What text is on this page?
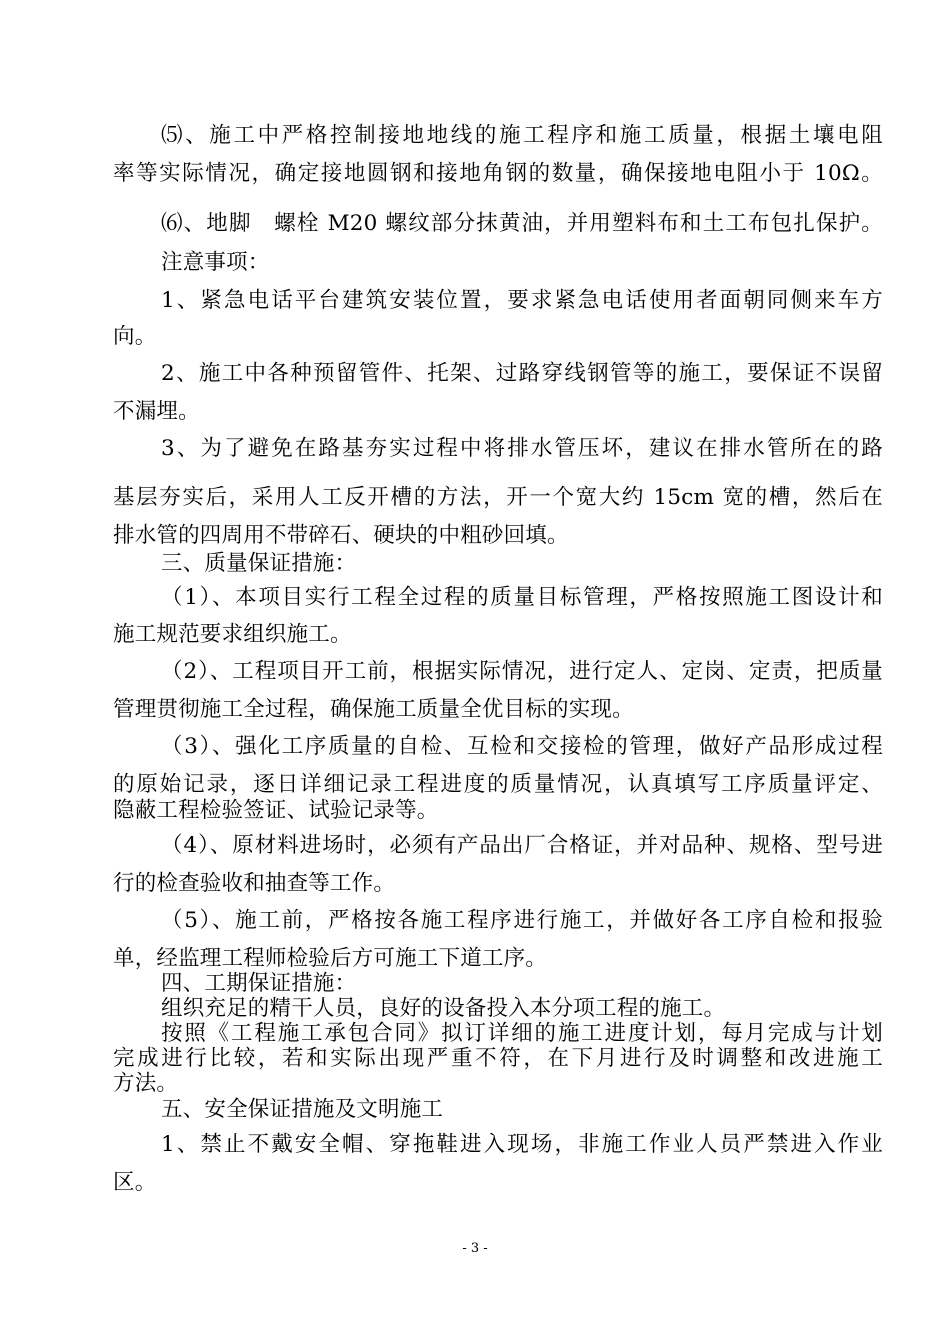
⑸、施工中严格控制接地地线的施工程序和施工质量，根据土壤电阻
率等实际情况，确定接地圆钢和接地角钢的数量，确保接地电阻小于 10Ω。
⑹、地脚　螺栓 M20 螺纹部分抹黄油，并用塑料布和土工布包扎保护。
注意事项：
1、紧急电话平台建筑安装位置，要求紧急电话使用者面朝同侧来车方
向。
2、施工中各种预留管件、托架、过路穿线钢管等的施工，要保证不误留
不漏埋。
3、为了避免在路基夯实过程中将排水管压坏，建议在排水管所在的路
基层夯实后，采用人工反开槽的方法，开一个宽大约 15cm 宽的槽，然后在
排水管的四周用不带碎石、硬块的中粗砂回填。
三、质量保证措施：
（1）、本项目实行工程全过程的质量目标管理，严格按照施工图设计和
施工规范要求组织施工。
（2）、工程项目开工前，根据实际情况，进行定人、定岗、定责，把质量
管理贯彻施工全过程，确保施工质量全优目标的实现。
（3）、强化工序质量的自检、互检和交接检的管理，做好产品形成过程
的原始记录，逐日详细记录工程进度的质量情况，认真填写工序质量评定、
隐蔽工程检验签证、试验记录等。
（4）、原材料进场时，必须有产品出厂合格证，并对品种、规格、型号进
行的检查验收和抽查等工作。
（5）、施工前，严格按各施工程序进行施工，并做好各工序自检和报验
单，经监理工程师检验后方可施工下道工序。
四、工期保证措施：
组织充足的精干人员，良好的设备投入本分项工程的施工。
按照《工程施工承包合同》拟订详细的施工进度计划，每月完成与计划
完成进行比较，若和实际出现严重不符，在下月进行及时调整和改进施工
方法。
五、安全保证措施及文明施工
1、禁止不戴安全帽、穿拖鞋进入现场，非施工作业人员严禁进入作业
区。
- 3 -
